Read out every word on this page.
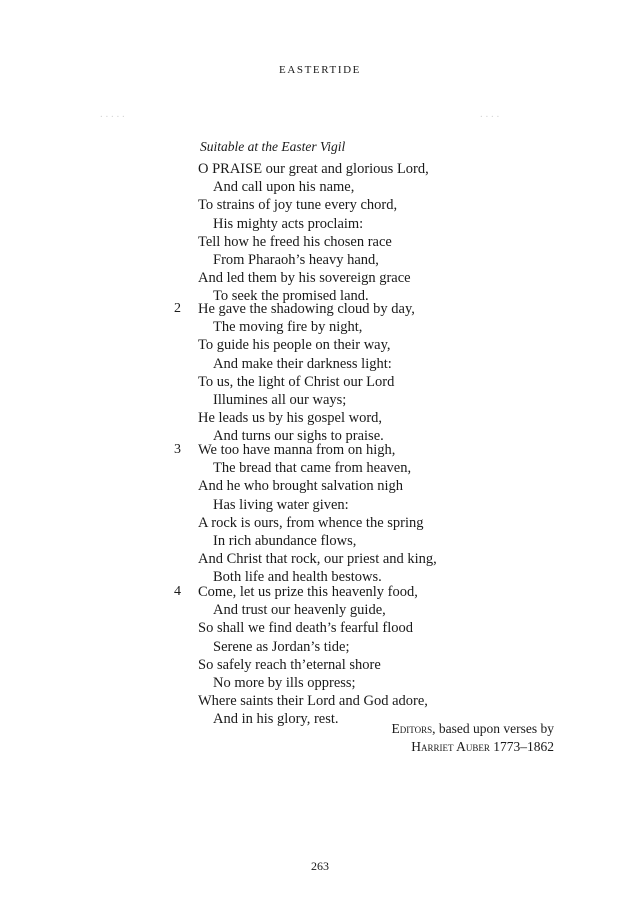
EASTERTIDE
. . . . .	. . . .
Suitable at the Easter Vigil
O PRAISE our great and glorious Lord,
And call upon his name,
To strains of joy tune every chord,
His mighty acts proclaim:
Tell how he freed his chosen race
From Pharaoh’s heavy hand,
And led them by his sovereign grace
To seek the promised land.
2 He gave the shadowing cloud by day,
The moving fire by night,
To guide his people on their way,
And make their darkness light:
To us, the light of Christ our Lord
Illumines all our ways;
He leads us by his gospel word,
And turns our sighs to praise.
3 We too have manna from on high,
The bread that came from heaven,
And he who brought salvation nigh
Has living water given:
A rock is ours, from whence the spring
In rich abundance flows,
And Christ that rock, our priest and king,
Both life and health bestows.
4 Come, let us prize this heavenly food,
And trust our heavenly guide,
So shall we find death’s fearful flood
Serene as Jordan’s tide;
So safely reach th’eternal shore
No more by ills oppress;
Where saints their Lord and God adore,
And in his glory, rest.
Editors, based upon verses by
Harriet Auber 1773–1862
263
